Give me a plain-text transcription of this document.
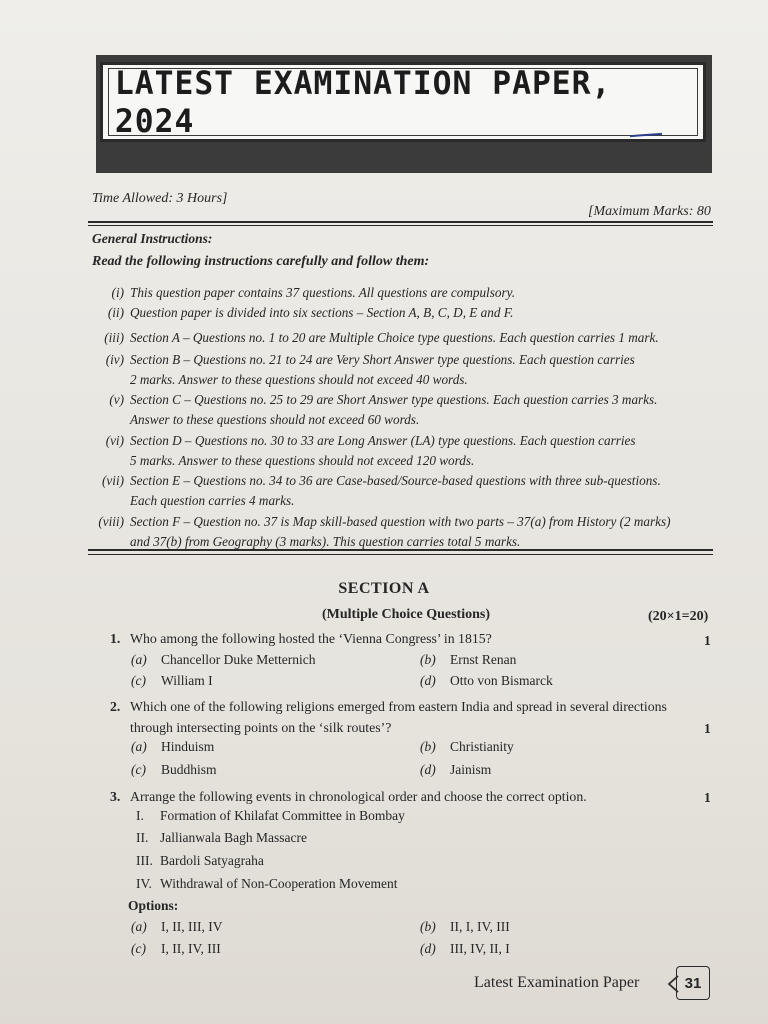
LATEST EXAMINATION PAPER, 2024
Time Allowed: 3 Hours]
[Maximum Marks: 80
General Instructions:
Read the following instructions carefully and follow them:
(i) This question paper contains 37 questions. All questions are compulsory.
(ii) Question paper is divided into six sections – Section A, B, C, D, E and F.
(iii) Section A – Questions no. 1 to 20 are Multiple Choice type questions. Each question carries 1 mark.
(iv) Section B – Questions no. 21 to 24 are Very Short Answer type questions. Each question carries
2 marks. Answer to these questions should not exceed 40 words.
(v) Section C – Questions no. 25 to 29 are Short Answer type questions. Each question carries 3 marks.
Answer to these questions should not exceed 60 words.
(vi) Section D – Questions no. 30 to 33 are Long Answer (LA) type questions. Each question carries
5 marks. Answer to these questions should not exceed 120 words.
(vii) Section E – Questions no. 34 to 36 are Case-based/Source-based questions with three sub-questions.
Each question carries 4 marks.
(viii) Section F – Question no. 37 is Map skill-based question with two parts – 37(a) from History (2 marks)
and 37(b) from Geography (3 marks). This question carries total 5 marks.
SECTION A
(Multiple Choice Questions)	(20×1=20)
1. Who among the following hosted the ‘Vienna Congress’ in 1815?	1
(a) Chancellor Duke Metternich	(b) Ernst Renan
(c) William I	(d) Otto von Bismarck
2. Which one of the following religions emerged from eastern India and spread in several directions
through intersecting points on the ‘silk routes’?	1
(a) Hinduism	(b) Christianity
(c) Buddhism	(d) Jainism
3. Arrange the following events in chronological order and choose the correct option.	1
I.	Formation of Khilafat Committee in Bombay
II. Jallianwala Bagh Massacre
III. Bardoli Satyagraha
IV. Withdrawal of Non-Cooperation Movement
Options:
(a) I, II, III, IV	(b) II, I, IV, III
(c) I, II, IV, III	(d) III, IV, II, I
Latest Examination Paper	31
